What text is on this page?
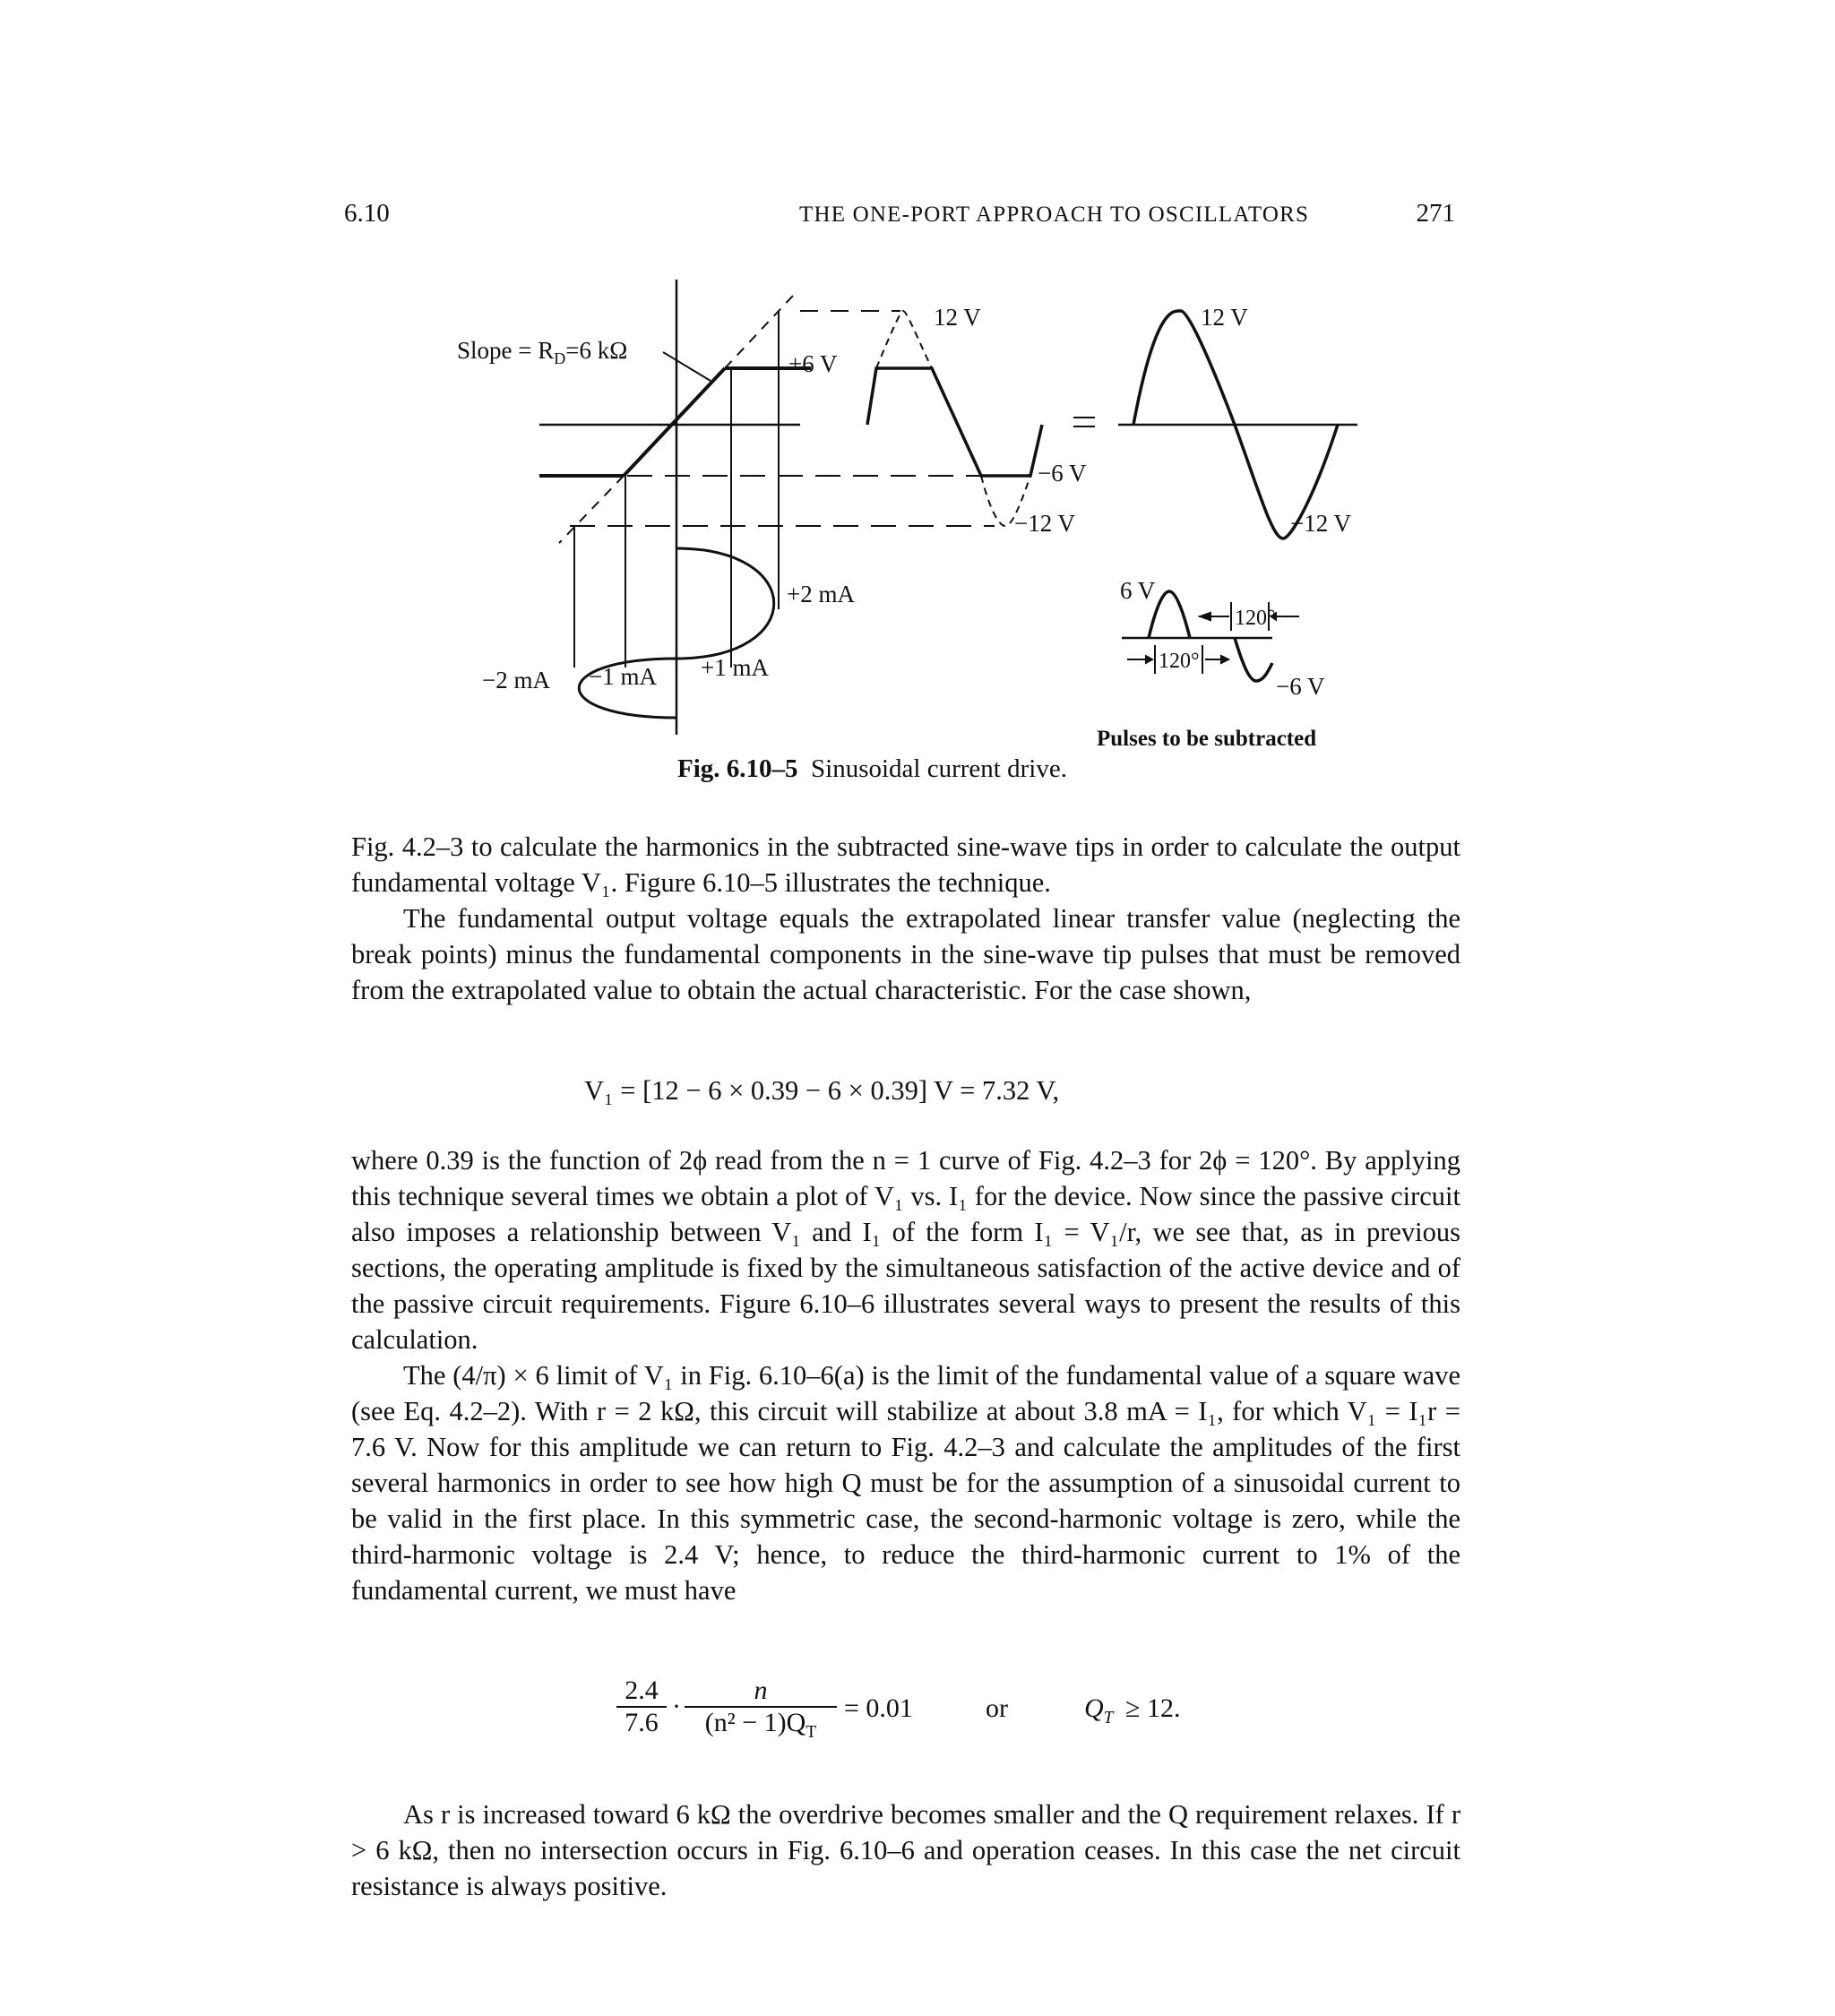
6.10	THE ONE-PORT APPROACH TO OSCILLATORS	271
Slope = $R_D=6$ kΩ
12 V
+6 V
−6 V
−12 V
+2 mA
−2 mA −1 mA +1 mA
12 V
−12 V
6 V
−6 V
120°
120°
Pulses to be subtracted
Fig. 6.10–5 Sinusoidal current drive.

Fig. 4.2–3 to calculate the harmonics in the subtracted sine-wave tips in order to calculate the output fundamental voltage V₁. Figure 6.10–5 illustrates the technique.

The fundamental output voltage equals the extrapolated linear transfer value (neglecting the break points) minus the fundamental components in the sine-wave tip pulses that must be removed from the extrapolated value to obtain the actual characteristic. For the case shown,

V₁ = [12 − 6 × 0.39 − 6 × 0.39] V = 7.32 V,

where 0.39 is the function of 2ϕ read from the n = 1 curve of Fig. 4.2–3 for 2ϕ = 120°. By applying this technique several times we obtain a plot of V₁ vs. I₁ for the device. Now since the passive circuit also imposes a relationship between V₁ and I₁ of the form I₁ = V₁/r, we see that, as in previous sections, the operating amplitude is fixed by the simultaneous satisfaction of the active device and of the passive circuit requirements. Figure 6.10–6 illustrates several ways to present the results of this calculation.

The (4/π) × 6 limit of V₁ in Fig. 6.10–6(a) is the limit of the fundamental value of a square wave (see Eq. 4.2–2). With r = 2 kΩ, this circuit will stabilize at about 3.8 mA = I₁, for which V₁ = I₁r = 7.6 V. Now for this amplitude we can return to Fig. 4.2–3 and calculate the amplitudes of the first several harmonics in order to see how high Q must be for the assumption of a sinusoidal current to be valid in the first place. In this symmetric case, the second-harmonic voltage is zero, while the third-harmonic voltage is 2.4 V; hence, to reduce the third-harmonic current to 1% of the fundamental current, we must have

$\frac{2.4}{7.6} \cdot \frac{n}{(n^2 - 1)Q_T} = 0.01$	or	$Q_T \ge 12$.

As r is increased toward 6 kΩ the overdrive becomes smaller and the Q requirement relaxes. If r > 6 kΩ, then no intersection occurs in Fig. 6.10–6 and operation ceases. In this case the net circuit resistance is always positive.
